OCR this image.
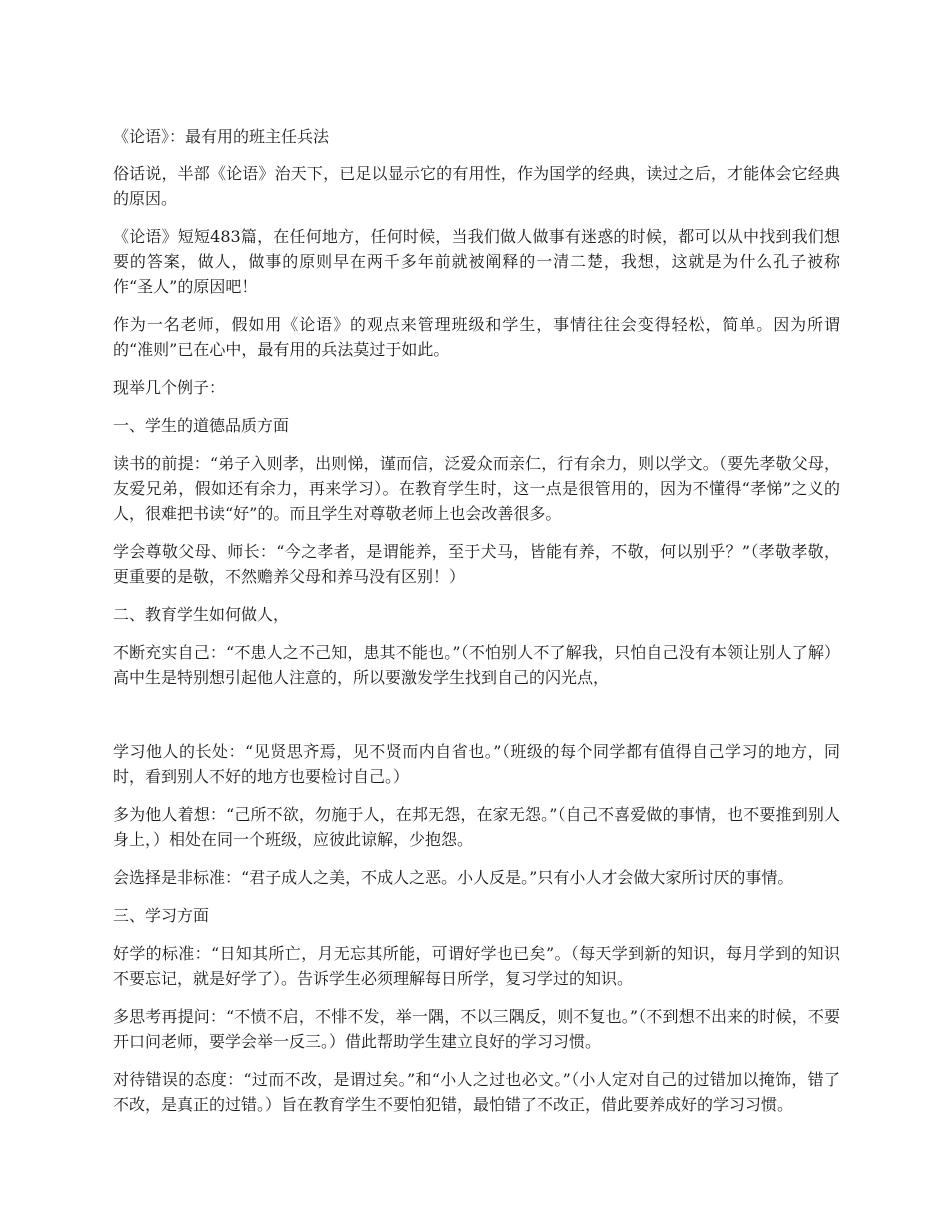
《论语》：最有用的班主任兵法

俗话说，半部《论语》治天下，已足以显示它的有用性，作为国学的经典，读过之后，才能体会它经典的原因。

《论语》短短483篇，在任何地方，任何时候，当我们做人做事有迷惑的时候，都可以从中找到我们想要的答案，做人，做事的原则早在两千多年前就被阐释的一清二楚，我想，这就是为什么孔子被称作“圣人”的原因吧！

作为一名老师，假如用《论语》的观点来管理班级和学生，事情往往会变得轻松，简单。因为所谓的“准则”已在心中，最有用的兵法莫过于如此。

现举几个例子：

一、学生的道德品质方面

读书的前提：“弟子入则孝，出则悌，谨而信，泛爱众而亲仁，行有余力，则以学文。（要先孝敬父母，友爱兄弟，假如还有余力，再来学习）。在教育学生时，这一点是很管用的，因为不懂得“孝悌”之义的人，很难把书读“好”的。而且学生对尊敬老师上也会改善很多。

学会尊敬父母、师长：“今之孝者，是谓能养，至于犬马，皆能有养，不敬，何以别乎？”（孝敬孝敬，更重要的是敬，不然赡养父母和养马没有区别！）

二、教育学生如何做人，

不断充实自己：“不患人之不己知，患其不能也。”（不怕别人不了解我，只怕自己没有本领让别人了解）高中生是特别想引起他人注意的，所以要激发学生找到自己的闪光点，

学习他人的长处：“见贤思齐焉，见不贤而内自省也。”（班级的每个同学都有值得自己学习的地方，同时，看到别人不好的地方也要检讨自己。）

多为他人着想：“己所不欲，勿施于人，在邦无怨，在家无怨。”（自己不喜爱做的事情，也不要推到别人身上，）相处在同一个班级，应彼此谅解，少抱怨。

会选择是非标准：“君子成人之美，不成人之恶。小人反是。”只有小人才会做大家所讨厌的事情。

三、学习方面

好学的标准：“日知其所亡，月无忘其所能，可谓好学也已矣”。（每天学到新的知识，每月学到的知识不要忘记，就是好学了）。告诉学生必须理解每日所学，复习学过的知识。

多思考再提问：“不愤不启，不悱不发，举一隅，不以三隅反，则不复也。”（不到想不出来的时候，不要开口问老师，要学会举一反三。）借此帮助学生建立良好的学习习惯。

对待错误的态度：“过而不改，是谓过矣。”和“小人之过也必文。”（小人定对自己的过错加以掩饰，错了不改，是真正的过错。）旨在教育学生不要怕犯错，最怕错了不改正，借此要养成好的学习习惯。
